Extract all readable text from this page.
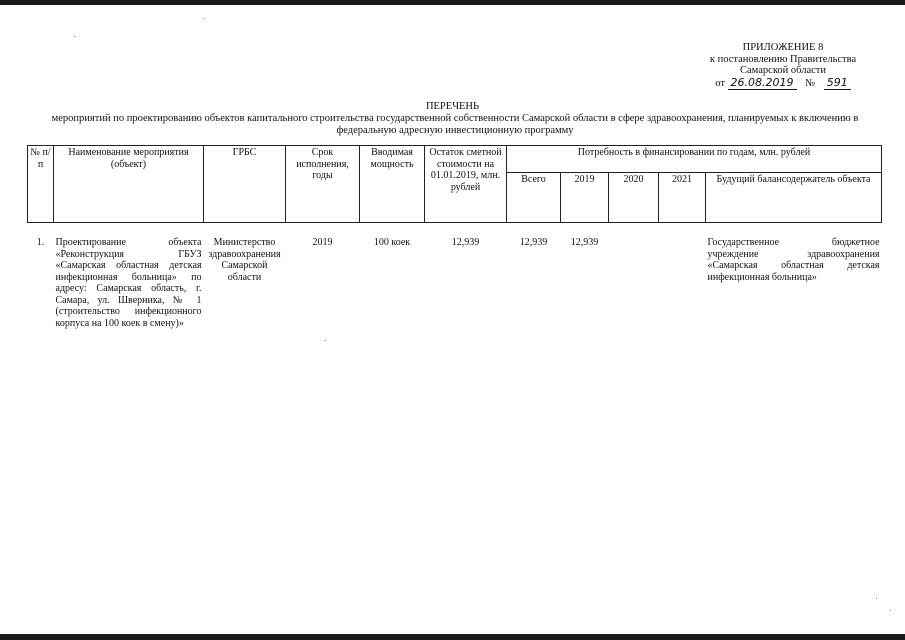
ПРИЛОЖЕНИЕ 8
к постановлению Правительства
Самарской области
от 26.08.2019 № 591
ПЕРЕЧЕНЬ
мероприятий по проектированию объектов капитального строительства государственной собственности Самарской области в сфере здравоохранения, планируемых к включению в федеральную адресную инвестиционную программу
№ п/п	Наименование мероприятия (объект)	ГРБС	Срок исполнения, годы	Вводимая мощность	Остаток сметной стоимости на 01.01.2019, млн. рублей	Потребность в финансировании по годам, млн. рублей				
						Всего	2019	2020	2021	Будущий балансодержатель объекта
1.	Проектирование объекта «Реконструкция ГБУЗ «Самарская областная детская инфекционная больница» по адресу: Самарская область, г. Самара, ул. Шверника, № 1 (строительство инфекционного корпуса на 100 коек в смену)»	Министерство здравоохранения Самарской области	2019	100 коек	12,939	12,939	12,939			Государственное бюджетное учреждение здравоохранения «Самарская областная детская инфекционная больница»
